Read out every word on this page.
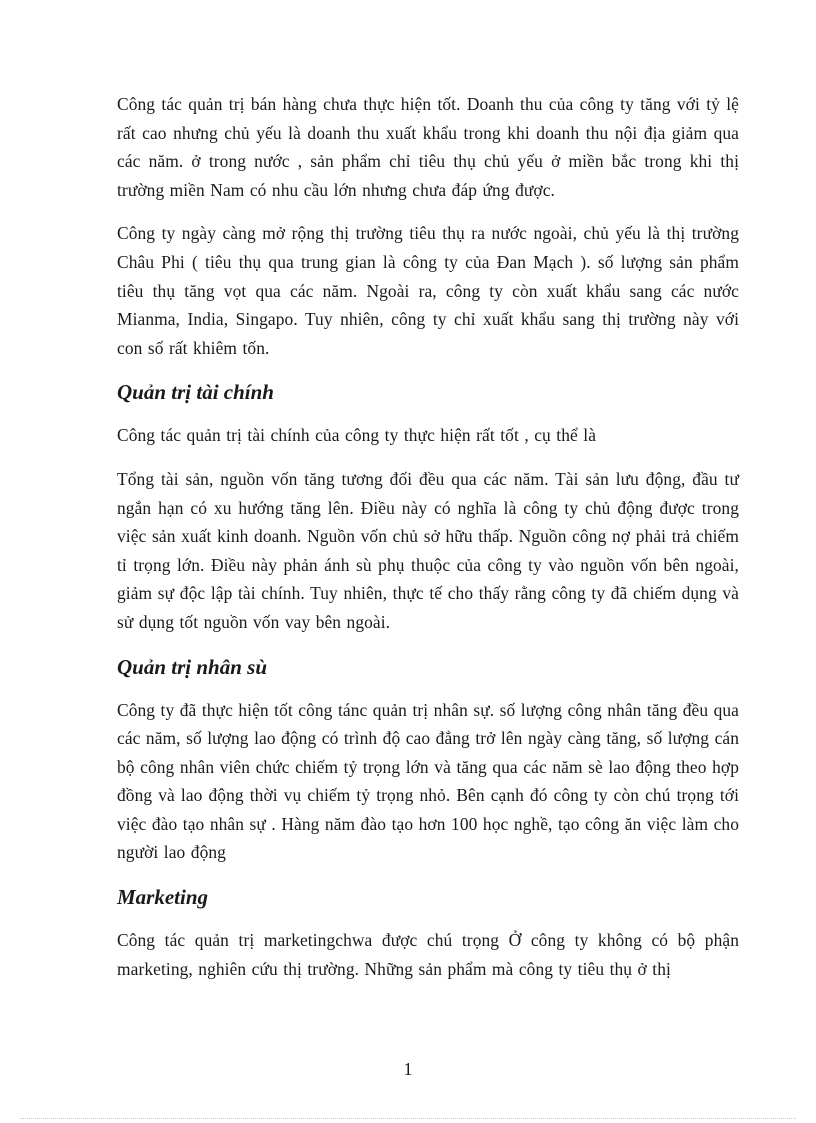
Công tác quản trị bán hàng chưa thực hiện tốt. Doanh thu của công ty tăng với tỷ lệ rất cao nhưng chủ yếu là doanh thu xuất khẩu trong khi doanh thu nội địa giảm qua các năm. ở trong nước , sản phẩm chỉ tiêu thụ chủ yếu ở miền bắc trong khi thị trường miền Nam có nhu cầu lớn nhưng chưa đáp ứng được.

Công ty ngày càng mở rộng thị trường tiêu thụ ra nước ngoài, chủ yếu là thị trường Châu Phi ( tiêu thụ qua trung gian là công ty của Đan Mạch ). số lượng sản phẩm tiêu thụ tăng vọt qua các năm. Ngoài ra, công ty còn xuất khẩu sang các nước Mianma, India, Singapo. Tuy nhiên, công ty chỉ xuất khẩu sang thị trường này với con số rất khiêm tốn.

Quản trị tài chính

Công tác quản trị tài chính của công ty thực hiện rất tốt , cụ thể là

Tổng tài sản, nguồn vốn tăng tương đối đều qua các năm. Tài sản lưu động, đầu tư ngắn hạn có xu hướng tăng lên. Điều này có nghĩa là công ty chủ động được trong việc sản xuất kinh doanh. Nguồn vốn chủ sở hữu thấp. Nguồn công nợ phải trả chiếm tỉ trọng lớn. Điều này phản ánh sù phụ thuộc của công ty vào nguồn vốn bên ngoài, giảm sự độc lập tài chính. Tuy nhiên, thực tế cho thấy rằng công ty đã chiếm dụng và sử dụng tốt nguồn vốn vay bên ngoài.

Quản trị nhân sù

Công ty đã thực hiện tốt công tánc quản trị nhân sự. số lượng công nhân tăng đều qua các năm, số lượng lao động có trình độ cao đẳng trở lên ngày càng tăng, số lượng cán bộ công nhân viên chức chiếm tỷ trọng lớn và tăng qua các năm sè lao động theo hợp đồng và lao động thời vụ chiếm tỷ trọng nhỏ. Bên cạnh đó công ty còn chú trọng tới việc đào tạo nhân sự . Hàng năm đào tạo hơn 100 học nghề, tạo công ăn việc làm cho người lao động

Marketing

Công tác quản trị marketingchwa được chú trọng Ở công ty không có bộ phận marketing, nghiên cứu thị trường. Những sản phẩm mà công ty tiêu thụ ở thị

1
